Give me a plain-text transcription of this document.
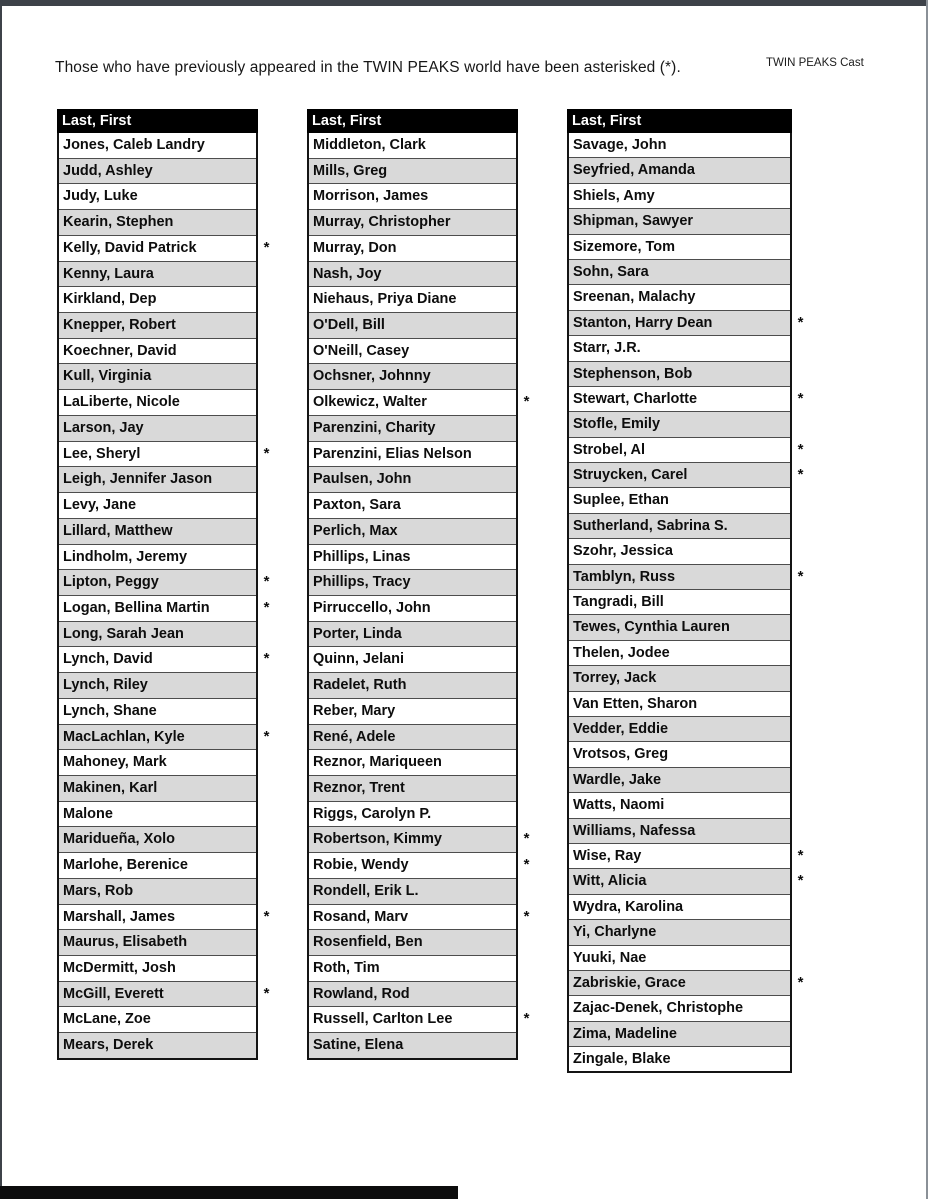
Those who have previously appeared in the TWIN PEAKS world have been asterisked (*).	TWIN PEAKS Cast
Last, First
Jones, Caleb Landry
Judd, Ashley
Judy, Luke
Kearin, Stephen
Kelly, David Patrick	*
Kenny, Laura
Kirkland, Dep
Knepper, Robert
Koechner, David
Kull, Virginia
LaLiberte, Nicole
Larson, Jay
Lee, Sheryl	*
Leigh, Jennifer Jason
Levy, Jane
Lillard, Matthew
Lindholm, Jeremy
Lipton, Peggy	*
Logan, Bellina Martin	*
Long, Sarah Jean
Lynch, David	*
Lynch, Riley
Lynch, Shane
MacLachlan, Kyle	*
Mahoney, Mark
Makinen, Karl
Malone
Maridueña, Xolo
Marlohe, Berenice
Mars, Rob
Marshall, James	*
Maurus, Elisabeth
McDermitt, Josh
McGill, Everett	*
McLane, Zoe
Mears, Derek
Last, First
Middleton, Clark
Mills, Greg
Morrison, James
Murray, Christopher
Murray, Don
Nash, Joy
Niehaus, Priya Diane
O'Dell, Bill
O'Neill, Casey
Ochsner, Johnny
Olkewicz, Walter	*
Parenzini, Charity
Parenzini, Elias Nelson
Paulsen, John
Paxton, Sara
Perlich, Max
Phillips, Linas
Phillips, Tracy
Pirruccello, John
Porter, Linda
Quinn, Jelani
Radelet, Ruth
Reber, Mary
René, Adele
Reznor, Mariqueen
Reznor, Trent
Riggs, Carolyn P.
Robertson, Kimmy	*
Robie, Wendy	*
Rondell, Erik L.
Rosand, Marv	*
Rosenfield, Ben
Roth, Tim
Rowland, Rod
Russell, Carlton Lee	*
Satine, Elena
Last, First
Savage, John
Seyfried, Amanda
Shiels, Amy
Shipman, Sawyer
Sizemore, Tom
Sohn, Sara
Sreenan, Malachy
Stanton, Harry Dean	*
Starr, J.R.
Stephenson, Bob
Stewart, Charlotte	*
Stofle, Emily
Strobel, Al	*
Struycken, Carel	*
Suplee, Ethan
Sutherland, Sabrina S.
Szohr, Jessica
Tamblyn, Russ	*
Tangradi, Bill
Tewes, Cynthia Lauren
Thelen, Jodee
Torrey, Jack
Van Etten, Sharon
Vedder, Eddie
Vrotsos, Greg
Wardle, Jake
Watts, Naomi
Williams, Nafessa
Wise, Ray	*
Witt, Alicia	*
Wydra, Karolina
Yi, Charlyne
Yuuki, Nae
Zabriskie, Grace	*
Zajac-Denek, Christophe
Zima, Madeline
Zingale, Blake
